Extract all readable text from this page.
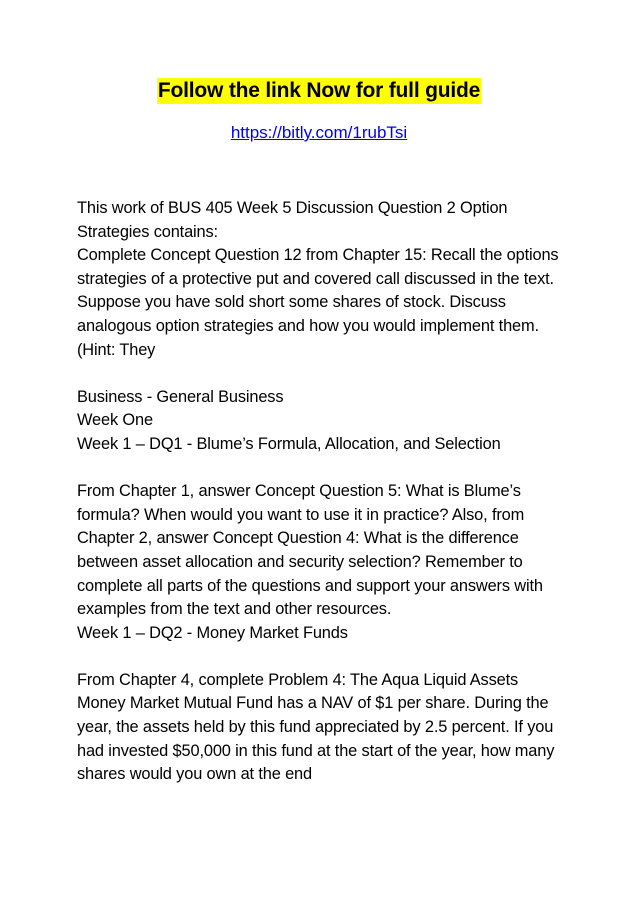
Follow the link Now for full guide
https://bitly.com/1rubTsi

This work of BUS 405 Week 5 Discussion Question 2 Option Strategies contains:

Complete Concept Question 12 from Chapter 15: Recall the options strategies of a protective put and covered call discussed in the text. Suppose you have sold short some shares of stock. Discuss analogous option strategies and how you would implement them. (Hint: They

Business - General Business

Week One

Week 1 – DQ1 - Blume’s Formula, Allocation, and Selection

From Chapter 1, answer Concept Question 5: What is Blume’s formula? When would you want to use it in practice? Also, from Chapter 2, answer Concept Question 4: What is the difference between asset allocation and security selection? Remember to complete all parts of the questions and support your answers with examples from the text and other resources.

Week 1 – DQ2 - Money Market Funds

From Chapter 4, complete Problem 4: The Aqua Liquid Assets Money Market Mutual Fund has a NAV of $1 per share. During the year, the assets held by this fund appreciated by 2.5 percent. If you had invested $50,000 in this fund at the start of the year, how many shares would you own at the end
